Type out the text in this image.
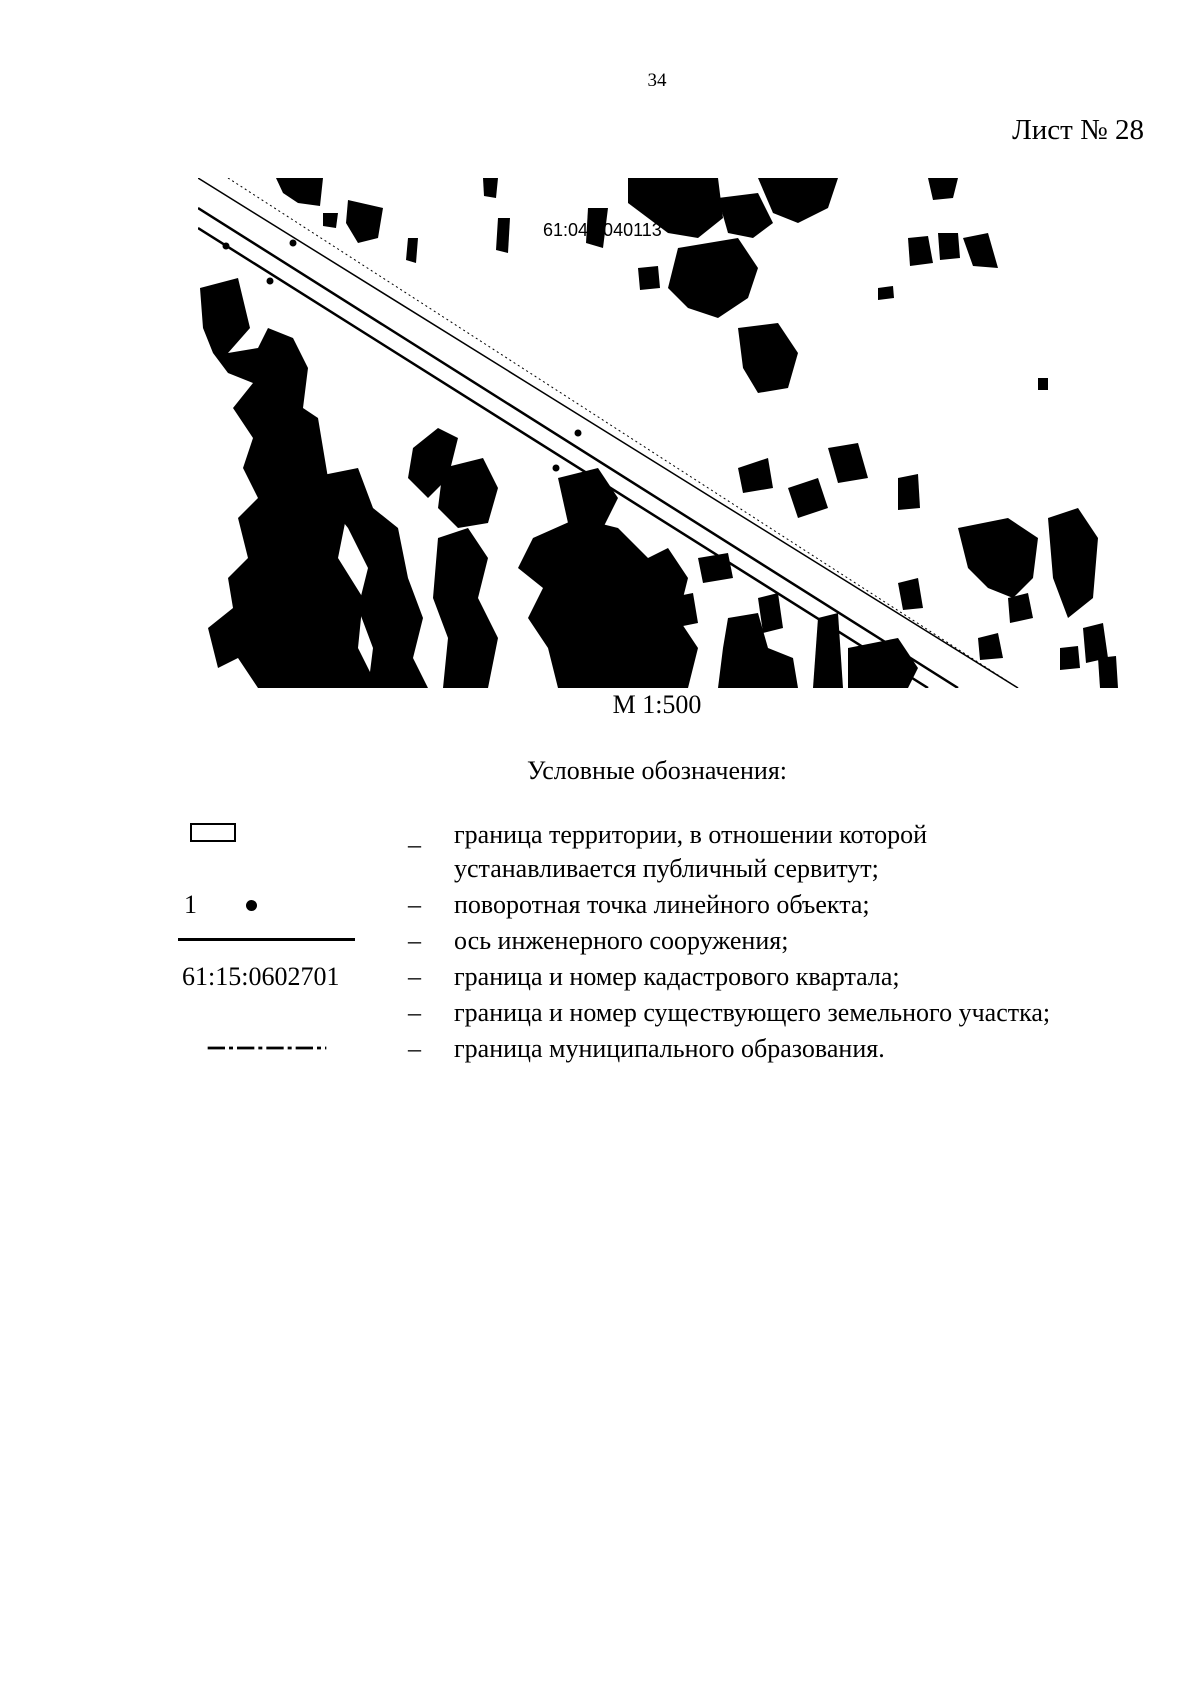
34
Лист № 28
61:04:0040113
М 1:500
Условные обозначения:
– граница территории, в отношении которой устанавливается публичный сервитут;
1	– поворотная точка линейного объекта;
– ось инженерного сооружения;
61:15:0602701	– граница и номер кадастрового квартала;
– граница и номер существующего земельного участка;
– граница муниципального образования.
